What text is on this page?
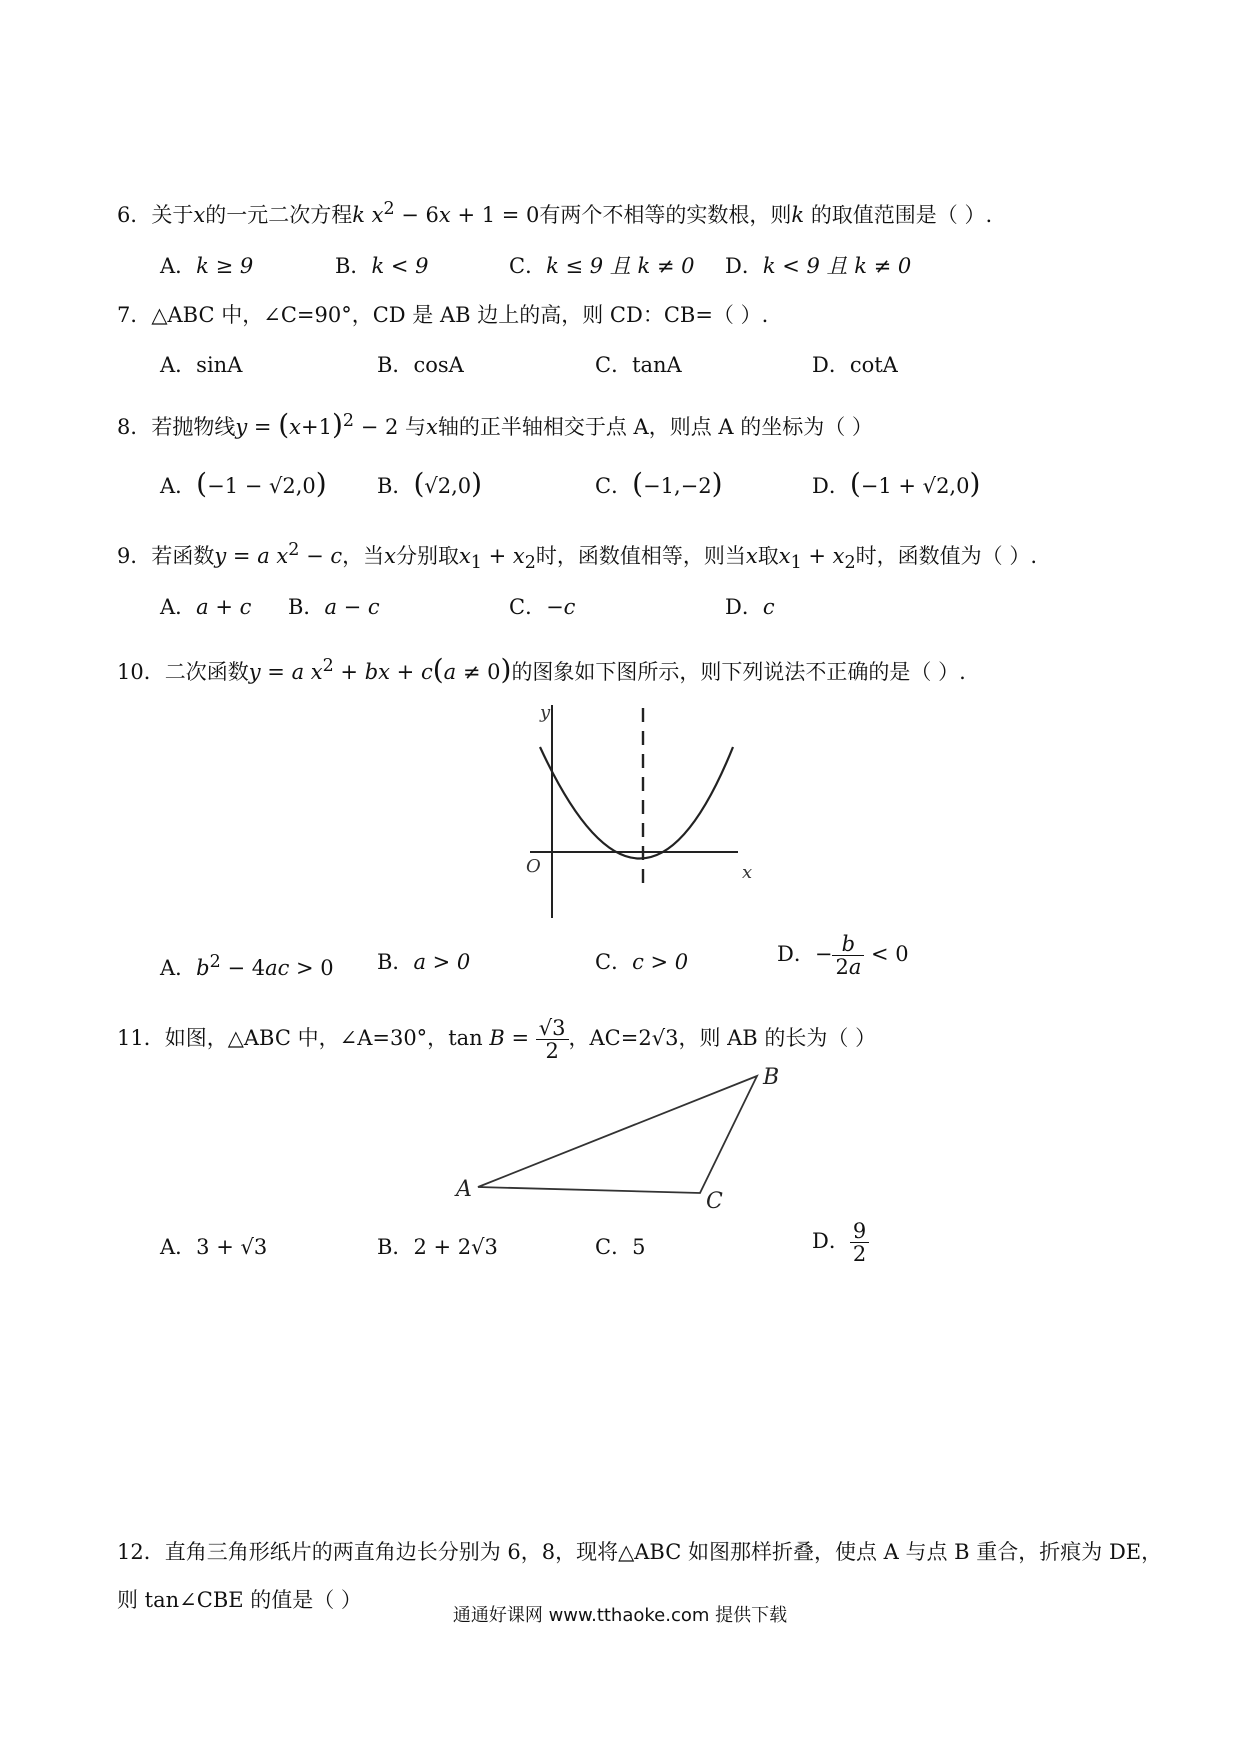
6．关于x的一元二次方程k $x^2 - 6x + 1 = 0$有两个不相等的实数根，则k 的取值范围是（ ）.
A．k ≥ 9	B．k < 9	C．k ≤ 9 且 k ≠ 0 D．k < 9 且 k ≠ 0
7．△ABC 中，∠C=90°，CD 是 AB 边上的高，则 CD：CB=（ ）.
A．sinA	B．cosA	C．tanA	D．cotA
8．若抛物线$y = (x+1)^2 - 2$ 与x轴的正半轴相交于点 A，则点 A 的坐标为（ ）
A．(−1 − √2,0) B．(√2,0)	C．(−1,−2)	D．(−1 + √2,0)
9．若函数y = a $x^2 - c$，当x分别取$x_1 + x_2$时，函数值相等，则当x取$x_1 + x_2$时，函数值为（ ）.
A．a + c B．a − c	C．−c	D．c
10．二次函数y = a $x^2$ + bx + c(a ≠ 0)的图象如下图所示，则下列说法不正确的是（ ）.
y
x
O
A．$b^2 - 4ac > 0$ B．a > 0	C．c > 0	D．− $\frac{b}{2a} < 0$
11．如图，△ABC 中，∠A=30°，$\tan B = \frac{√3}{2}$ ，AC=2√3，则 AB 的长为（ ）
A
B
C
A．3 + √3	B．2 + 2√3	C．5	D． $\frac{9}{2}$
12．直角三角形纸片的两直角边长分别为 6，8，现将△ABC 如图那样折叠，使点 A 与点 B 重合，折痕为 DE，
则 tan∠CBE 的值是（ ）
通通好课网 www.tthaoke.com 提供下载
